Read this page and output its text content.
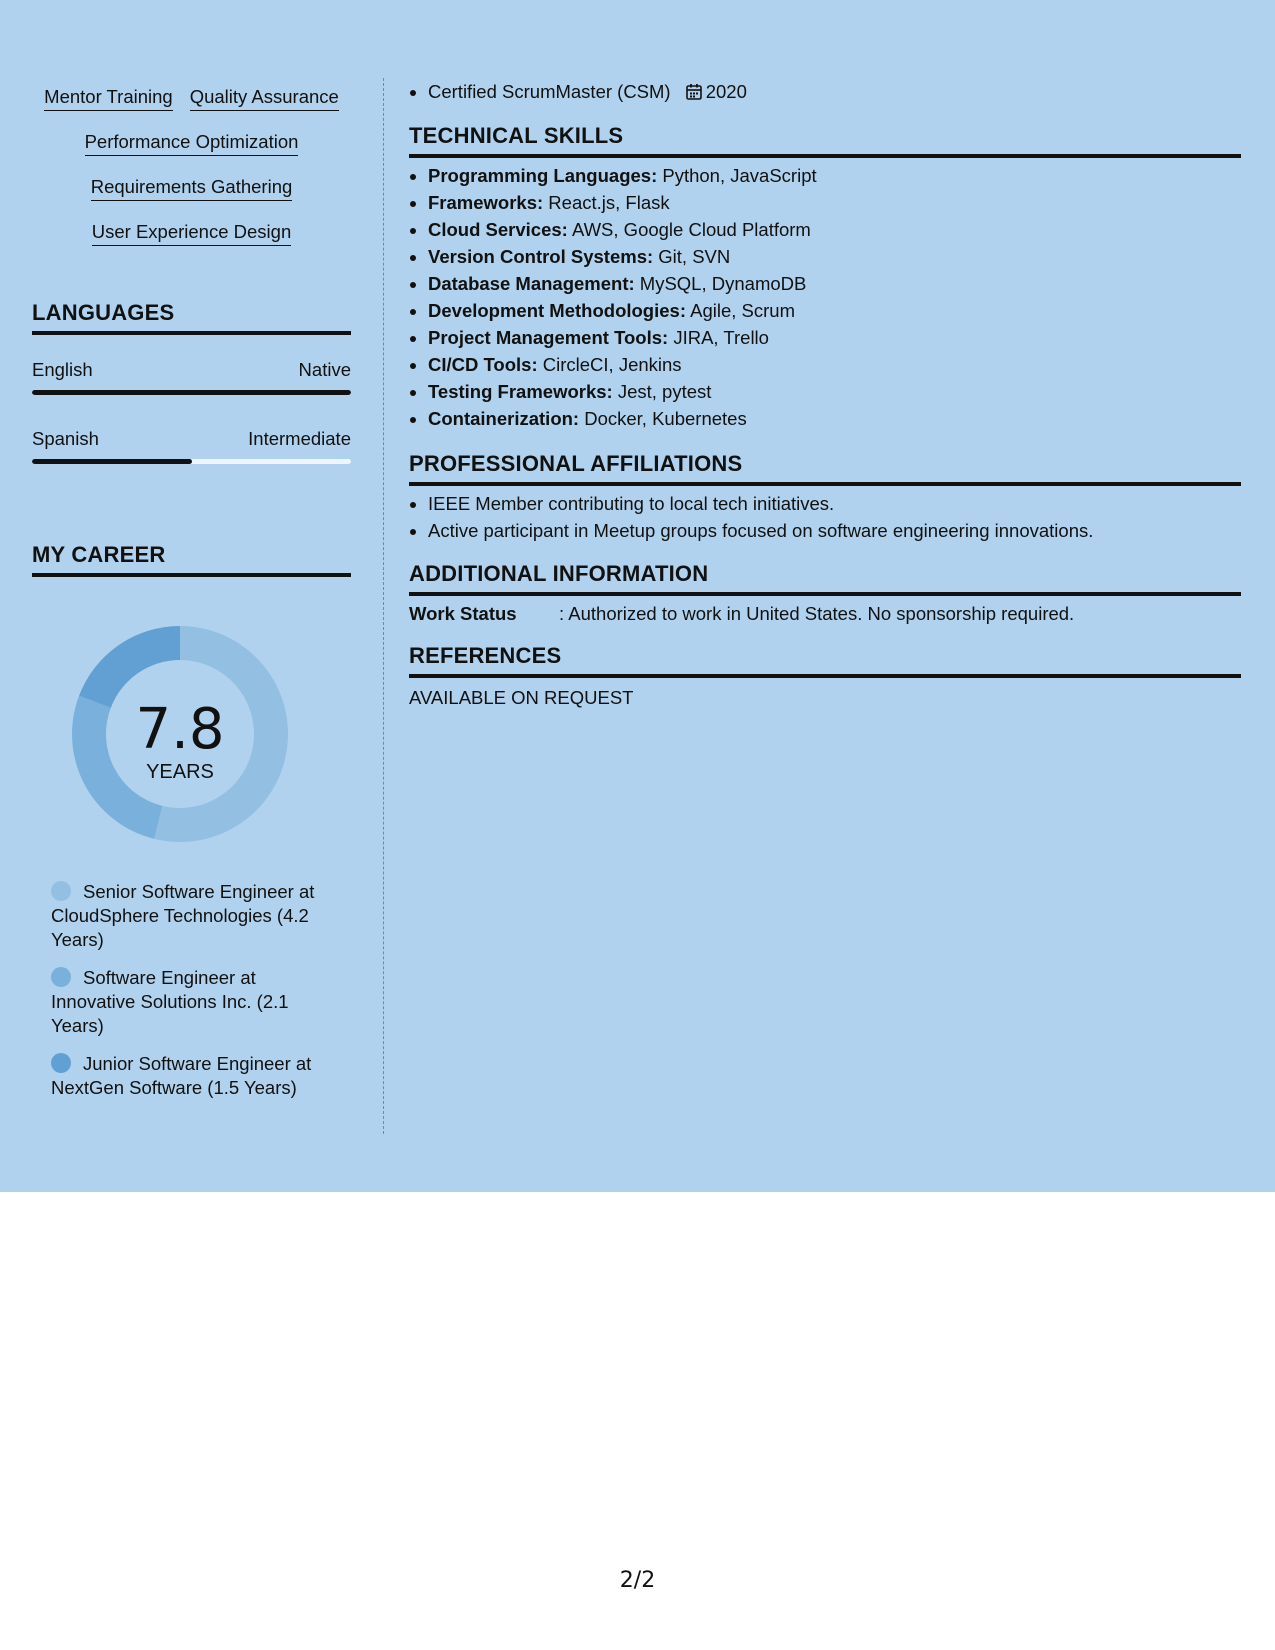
Mentor Training Quality Assurance
Performance Optimization
Requirements Gathering
User Experience Design
LANGUAGES
English	Native
Spanish	Intermediate
MY CAREER
7.8
YEARS
Senior Software Engineer at CloudSphere Technologies (4.2 Years)
Software Engineer at Innovative Solutions Inc. (2.1 Years)
Junior Software Engineer at NextGen Software (1.5 Years)
• Certified ScrumMaster (CSM) 2020
TECHNICAL SKILLS
• Programming Languages: Python, JavaScript
• Frameworks: React.js, Flask
• Cloud Services: AWS, Google Cloud Platform
• Version Control Systems: Git, SVN
• Database Management: MySQL, DynamoDB
• Development Methodologies: Agile, Scrum
• Project Management Tools: JIRA, Trello
• CI/CD Tools: CircleCI, Jenkins
• Testing Frameworks: Jest, pytest
• Containerization: Docker, Kubernetes
PROFESSIONAL AFFILIATIONS
• IEEE Member contributing to local tech initiatives.
• Active participant in Meetup groups focused on software engineering innovations.
ADDITIONAL INFORMATION
Work Status	: Authorized to work in United States. No sponsorship required.
REFERENCES
AVAILABLE ON REQUEST
2/2
